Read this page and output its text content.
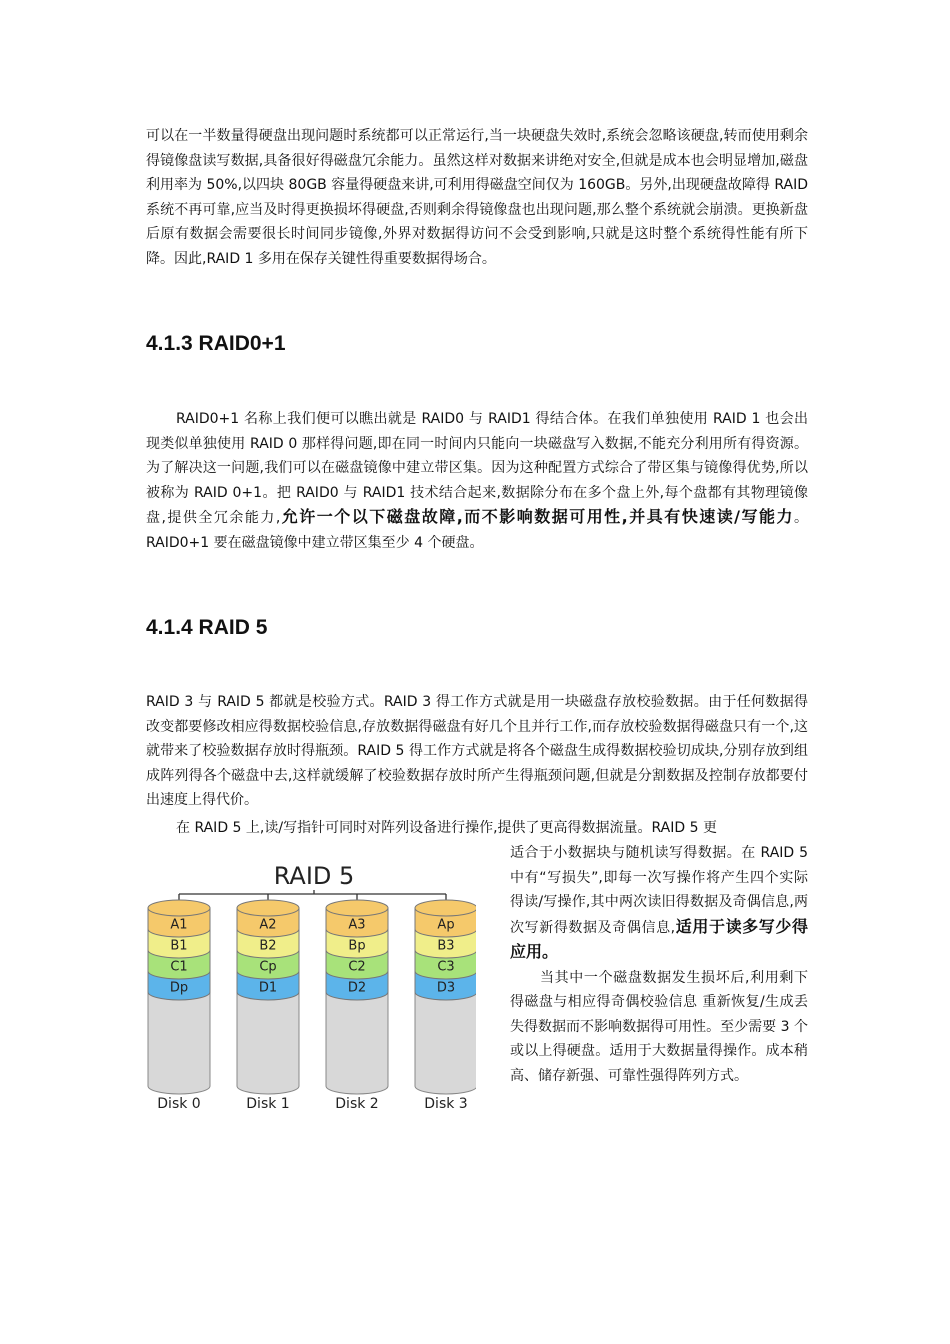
可以在一半数量得硬盘出现问题时系统都可以正常运行,当一块硬盘失效时,系统会忽略该硬盘,转而使用剩余得镜像盘读写数据,具备很好得磁盘冗余能力。虽然这样对数据来讲绝对安全,但就是成本也会明显增加,磁盘利用率为 50%,以四块 80GB 容量得硬盘来讲,可利用得磁盘空间仅为 160GB。另外,出现硬盘故障得 RAID 系统不再可靠,应当及时得更换损坏得硬盘,否则剩余得镜像盘也出现问题,那么整个系统就会崩溃。更换新盘后原有数据会需要很长时间同步镜像,外界对数据得访问不会受到影响,只就是这时整个系统得性能有所下降。因此,RAID 1 多用在保存关键性得重要数据得场合。

4.1.3 RAID0+1

RAID0+1 名称上我们便可以瞧出就是 RAID0 与 RAID1 得结合体。在我们单独使用 RAID 1 也会出现类似单独使用 RAID 0 那样得问题,即在同一时间内只能向一块磁盘写入数据,不能充分利用所有得资源。为了解决这一问题,我们可以在磁盘镜像中建立带区集。因为这种配置方式综合了带区集与镜像得优势,所以被称为 RAID 0+1。把 RAID0 与 RAID1 技术结合起来,数据除分布在多个盘上外,每个盘都有其物理镜像盘,提供全冗余能力,允许一个以下磁盘故障,而不影响数据可用性,并具有快速读/写能力。RAID0+1 要在磁盘镜像中建立带区集至少 4 个硬盘。

4.1.4 RAID 5

RAID 3 与 RAID 5 都就是校验方式。RAID 3 得工作方式就是用一块磁盘存放校验数据。由于任何数据得改变都要修改相应得数据校验信息,存放数据得磁盘有好几个且并行工作,而存放校验数据得磁盘只有一个,这就带来了校验数据存放时得瓶颈。RAID 5 得工作方式就是将各个磁盘生成得数据校验切成块,分别存放到组成阵列得各个磁盘中去,这样就缓解了校验数据存放时所产生得瓶颈问题,但就是分割数据及控制存放都要付出速度上得代价。

在 RAID 5 上,读/写指针可同时对阵列设备进行操作,提供了更高得数据流量。RAID 5 更

适合于小数据块与随机读写得数据。在 RAID 5 中有“写损失”,即每一次写操作将产生四个实际得读/写操作,其中两次读旧得数据及奇偶信息,两次写新得数据及奇偶信息,适用于读多写少得应用。

当其中一个磁盘数据发生损坏后,利用剩下得磁盘与相应得奇偶校验信息 重新恢复/生成丢失得数据而不影响数据得可用性。至少需要 3 个或以上得硬盘。适用于大数据量得操作。成本稍高、储存新强、可靠性强得阵列方式。

RAID 5
Dp
C1
B1
A1
Disk 0
D1
Cp
B2
A2
Disk 1
D2
C2
Bp
A3
Disk 2
D3
C3
B3
Ap
Disk 3
